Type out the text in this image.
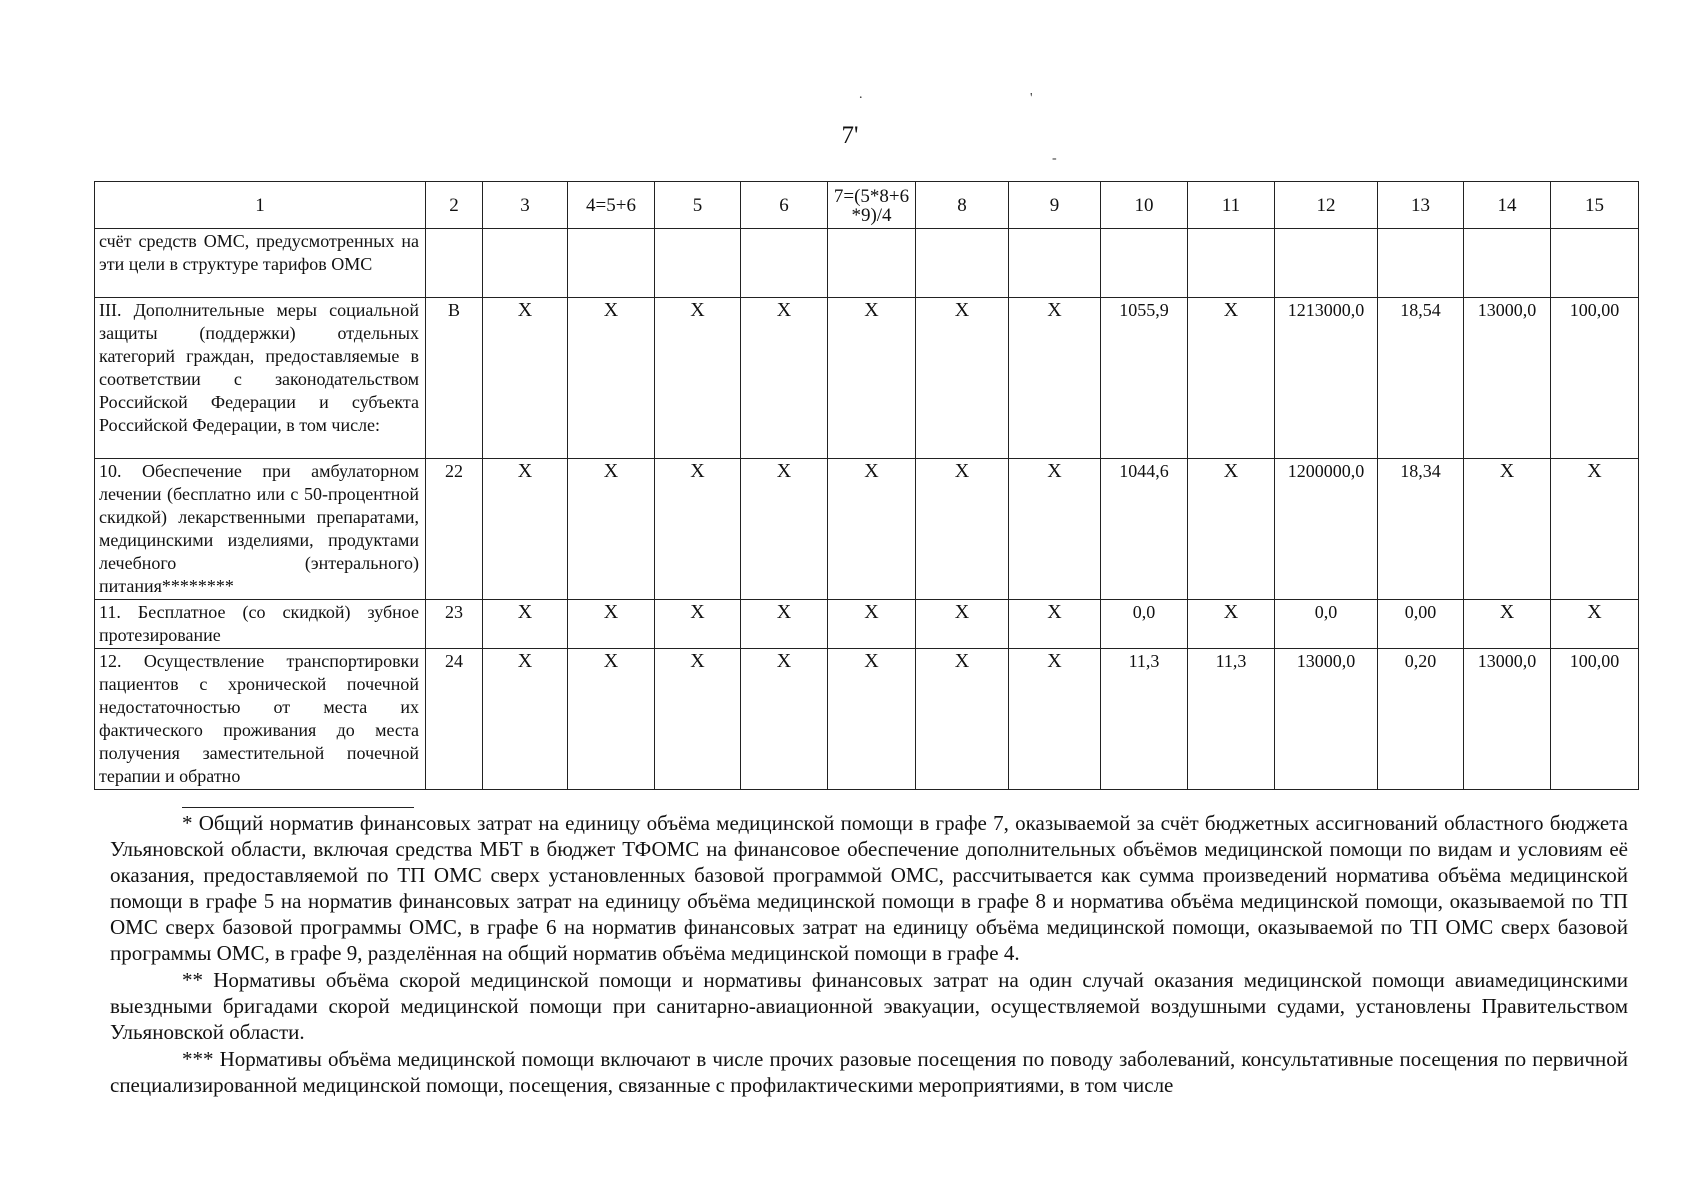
.	'
-
7'
1	2	3	4=5+6	5	6	7=(5*8+6 *9)/4	8	9	10	11	12	13	14	15
счёт средств ОМС, предусмотренных на эти цели в структуре тарифов ОМС														
III. Дополнительные меры социальной защиты (поддержки) отдельных категорий граждан, предоставляемые в соответствии с законодательством Российской Федерации и субъекта Российской Федерации, в том числе:	В	X	X	X	X	X	X	X	1055,9	X	1213000,0	18,54	13000,0	100,00
10. Обеспечение при амбулаторном лечении (бесплатно или с 50-процентной скидкой) лекарственными препаратами, медицинскими изделиями, продуктами лечебного (энтерального) питания********	22	X	X	X	X	X	X	X	1044,6	X	1200000,0	18,34	X	X
11. Бесплатное (со скидкой) зубное протезирование	23	X	X	X	X	X	X	X	0,0	X	0,0	0,00	X	X
12. Осуществление транспортировки пациентов с хронической почечной недостаточностью от места их фактического проживания до места получения заместительной почечной терапии и обратно	24	X	X	X	X	X	X	X	11,3	11,3	13000,0	0,20	13000,0	100,00

* Общий норматив финансовых затрат на единицу объёма медицинской помощи в графе 7, оказываемой за счёт бюджетных ассигнований областного бюджета Ульяновской области, включая средства МБТ в бюджет ТФОМС на финансовое обеспечение дополнительных объёмов медицинской помощи по видам и условиям её оказания, предоставляемой по ТП ОМС сверх установленных базовой программой ОМС, рассчитывается как сумма произведений норматива объёма медицинской помощи в графе 5 на норматив финансовых затрат на единицу объёма медицинской помощи в графе 8 и норматива объёма медицинской помощи, оказываемой по ТП ОМС сверх базовой программы ОМС, в графе 6 на норматив финансовых затрат на единицу объёма медицинской помощи, оказываемой по ТП ОМС сверх базовой программы ОМС, в графе 9, разделённая на общий норматив объёма медицинской помощи в графе 4.

** Нормативы объёма скорой медицинской помощи и нормативы финансовых затрат на один случай оказания медицинской помощи авиамедицинскими выездными бригадами скорой медицинской помощи при санитарно-авиационной эвакуации, осуществляемой воздушными судами, установлены Правительством Ульяновской области.

*** Нормативы объёма медицинской помощи включают в числе прочих разовые посещения по поводу заболеваний, консультативные посещения по первичной специализированной медицинской помощи, посещения, связанные с профилактическими мероприятиями, в том числе
